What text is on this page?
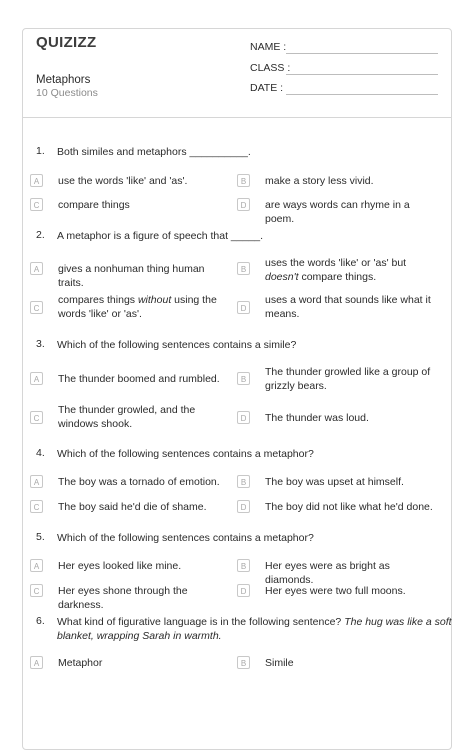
QUIZIZZ
Metaphors
10 Questions
NAME :
CLASS :
DATE :
1.	Both similes and metaphors __________.
A	use the words 'like' and 'as'.	B	make a story less vivid.
C	compare things	D	are ways words can rhyme in a poem.
2.	A metaphor is a figure of speech that _____.
A	gives a nonhuman thing human traits.
B
uses the words 'like' or 'as' but doesn't compare things.
C
compares things without using the words 'like' or 'as'.	D
uses a word that sounds like what it means.
3.	Which of the following sentences contains a simile?
A	The thunder boomed and rumbled.	B
The thunder growled like a group of grizzly bears.
C
The thunder growled, and the windows shook.	D	The thunder was loud.
4.	Which of the following sentences contains a metaphor?
A	The boy was a tornado of emotion.	B	The boy was upset at himself.
C	The boy said he'd die of shame.	D	The boy did not like what he'd done.
5.	Which of the following sentences contains a metaphor?
A	Her eyes looked like mine.	B	Her eyes were as bright as diamonds.
C	Her eyes shone through the darkness.
D	Her eyes were two full moons.
6.	What kind of figurative language is in the following sentence? The hug was like a soft blanket, wrapping Sarah in warmth.
A	Metaphor	B	Simile
